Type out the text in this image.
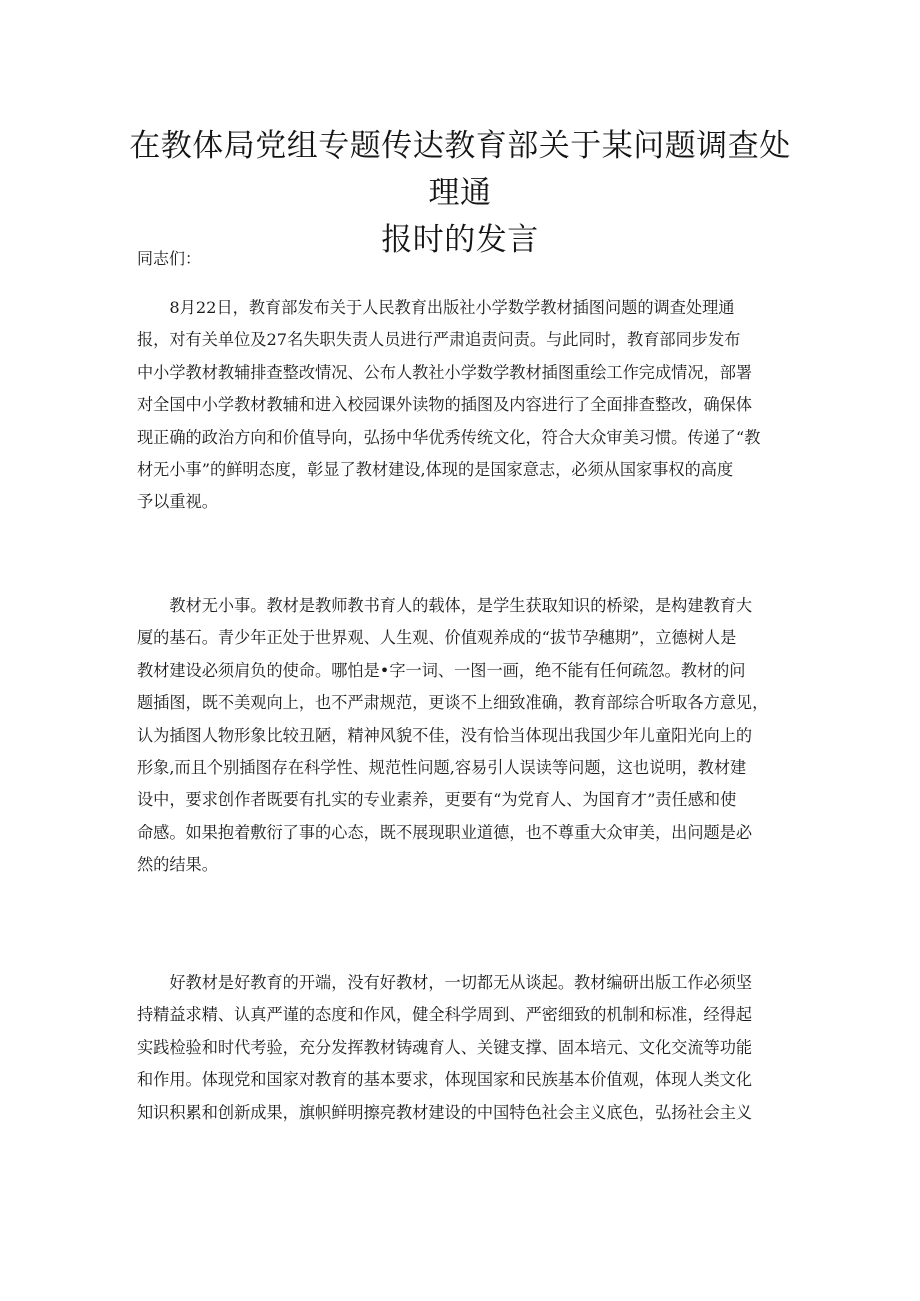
在教体局党组专题传达教育部关于某问题调查处理通
报时的发言
同志们：
　　8月22日，教育部发布关于人民教育出版社小学数学教材插图问题的调查处理通
报，对有关单位及27名失职失责人员进行严肃追责问责。与此同时，教育部同步发布
中小学教材教辅排查整改情况、公布人教社小学数学教材插图重绘工作完成情况，部署
对全国中小学教材教辅和进入校园课外读物的插图及内容进行了全面排查整改，确保体
现正确的政治方向和价值导向，弘扬中华优秀传统文化，符合大众审美习惯。传递了“教
材无小事”的鲜明态度，彰显了教材建设,体现的是国家意志，必须从国家事权的高度
予以重视。
　　教材无小事。教材是教师教书育人的载体，是学生获取知识的桥梁，是构建教育大
厦的基石。青少年正处于世界观、人生观、价值观养成的“拔节孕穗期”，立德树人是
教材建设必须肩负的使命。哪怕是•字一词、一图一画，绝不能有任何疏忽。教材的问
题插图，既不美观向上，也不严肃规范，更谈不上细致准确，教育部综合听取各方意见，
认为插图人物形象比较丑陋，精神风貌不佳，没有恰当体现出我国少年儿童阳光向上的
形象,而且个别插图存在科学性、规范性问题,容易引人误读等问题，这也说明，教材建
设中，要求创作者既要有扎实的专业素养，更要有“为党育人、为国育才”责任感和使
命感。如果抱着敷衍了事的心态，既不展现职业道德，也不尊重大众审美，出问题是必
然的结果。
　　好教材是好教育的开端，没有好教材，一切都无从谈起。教材编研出版工作必须坚
持精益求精、认真严谨的态度和作风，健全科学周到、严密细致的机制和标准，经得起
实践检验和时代考验，充分发挥教材铸魂育人、关键支撑、固本培元、文化交流等功能
和作用。体现党和国家对教育的基本要求，体现国家和民族基本价值观，体现人类文化
知识积累和创新成果，旗帜鲜明擦亮教材建设的中国特色社会主义底色，弘扬社会主义
